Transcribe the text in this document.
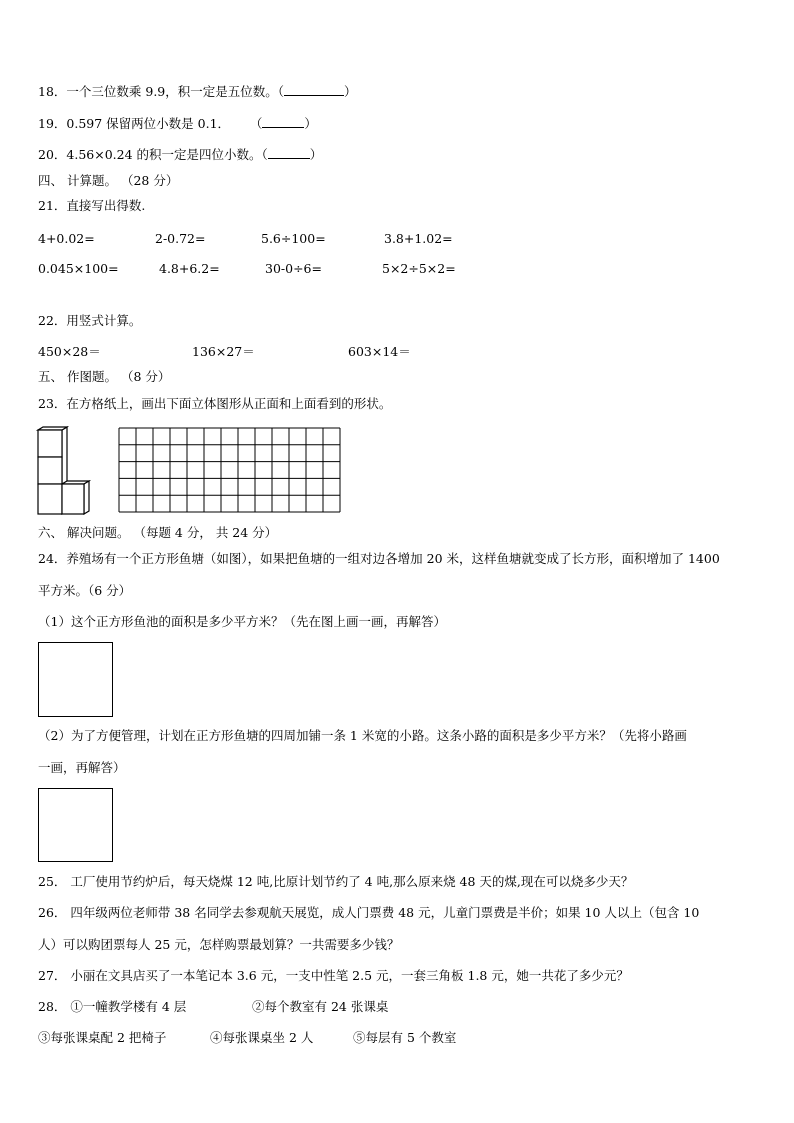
18．一个三位数乘 9.9，积一定是五位数。（	）
19．0.597 保留两位小数是 0.1． （	）
20．4.56×0.24 的积一定是四位小数。（	）
四、 计算题。 （28 分）
21．直接写出得数.
4+0.02=	2-0.72=	5.6÷100=	3.8+1.02=
0.045×100=	4.8+6.2=	30-0÷6=	5×2÷5×2=
22．用竖式计算。
450×28＝	136×27＝	603×14＝
五、 作图题。 （8 分）
23．在方格纸上，画出下面立体图形从正面和上面看到的形状。
六、 解决问题。 （每题 4 分， 共 24 分）
24．养殖场有一个正方形鱼塘（如图），如果把鱼塘的一组对边各增加 20 米，这样鱼塘就变成了长方形，面积增加了 1400
平方米。（6 分）
（1）这个正方形鱼池的面积是多少平方米？（先在图上画一画，再解答）
（2）为了方便管理，计划在正方形鱼塘的四周加铺一条 1 米宽的小路。这条小路的面积是多少平方米？（先将小路画
一画，再解答）
25． 工厂使用节约炉后，每天烧煤 12 吨,比原计划节约了 4 吨,那么原来烧 48 天的煤,现在可以烧多少天？
26． 四年级两位老师带 38 名同学去参观航天展览，成人门票费 48 元，儿童门票费是半价；如果 10 人以上（包含 10
人）可以购团票每人 25 元，怎样购票最划算？一共需要多少钱？
27． 小丽在文具店买了一本笔记本 3.6 元，一支中性笔 2.5 元，一套三角板 1.8 元，她一共花了多少元？
28． ①一幢教学楼有 4 层	②每个教室有 24 张课桌
③每张课桌配 2 把椅子	④每张课桌坐 2 人	⑤每层有 5 个教室
